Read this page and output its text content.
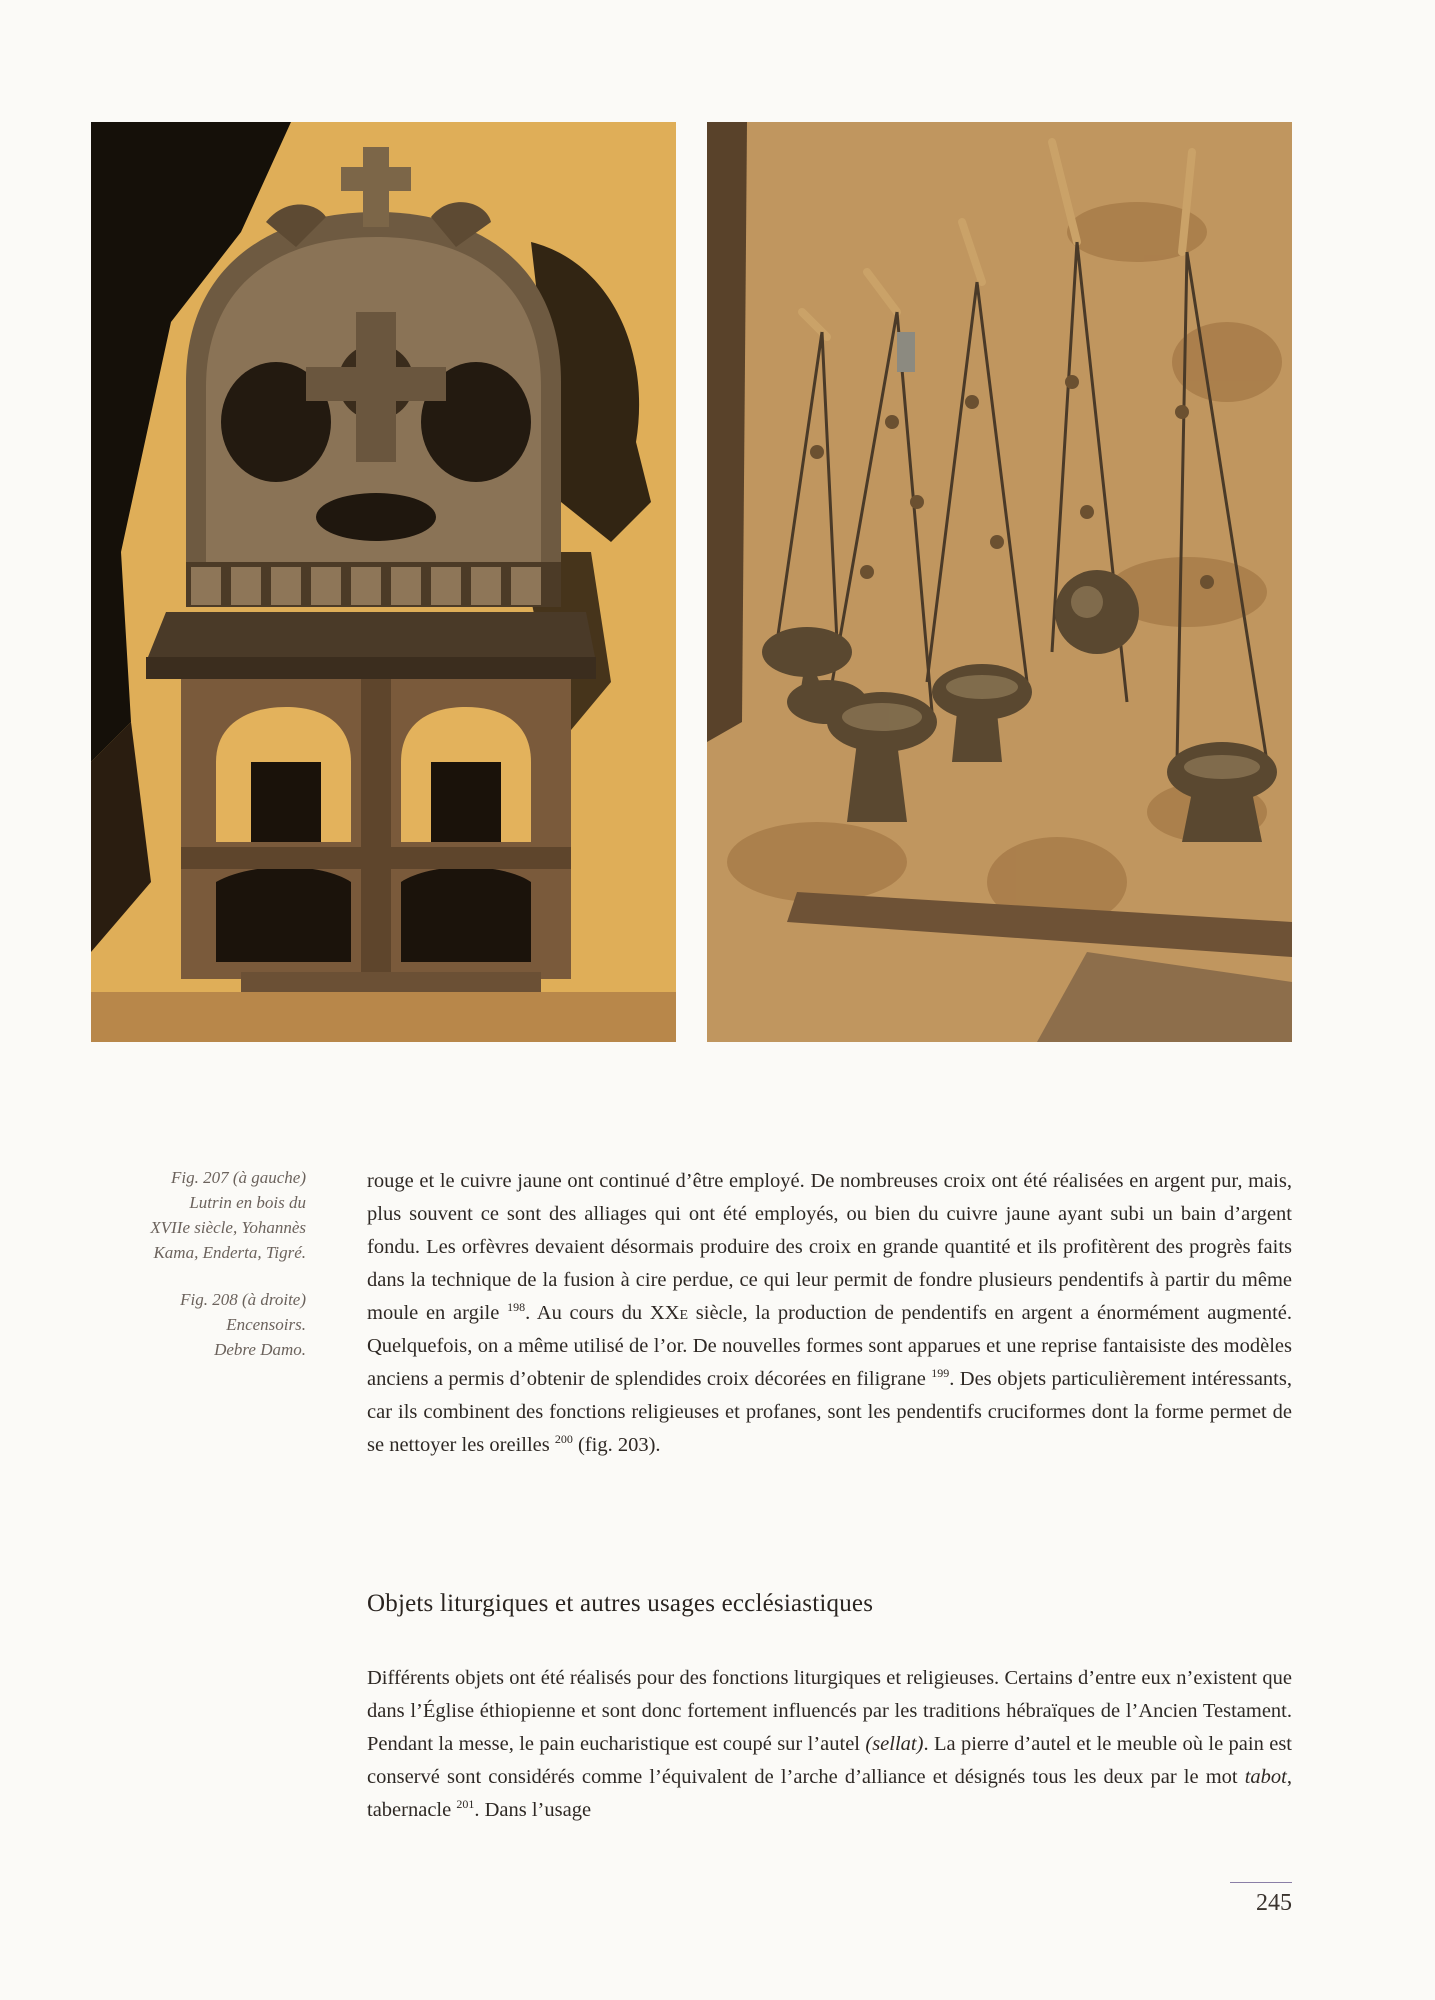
Fig. 207 (à gauche)
Lutrin en bois du
XVIIe siècle, Yohannès
Kama, Enderta, Tigré.
Fig. 208 (à droite)
Encensoirs.
Debre Damo.
rouge et le cuivre jaune ont continué d’être employé. De nombreuses croix ont été réalisées en argent pur, mais, plus souvent ce sont des alliages qui ont été employés, ou bien du cuivre jaune ayant subi un bain d’argent fondu. Les orfèvres devaient désormais produire des croix en grande quantité et ils profitèrent des progrès faits dans la technique de la fusion à cire perdue, ce qui leur permit de fondre plusieurs pendentifs à partir du même moule en argile $^{198}$. Au cours du XXe siècle, la production de pendentifs en argent a énormément augmenté. Quelquefois, on a même utilisé de l’or. De nouvelles formes sont apparues et une reprise fantaisiste des modèles anciens a permis d’obtenir de splendides croix décorées en filigrane $^{199}$. Des objets particulièrement intéressants, car ils combinent des fonctions religieuses et profanes, sont les pendentifs cruciformes dont la forme permet de se nettoyer les oreilles $^{200}$ (fig. 203).
Objets liturgiques et autres usages ecclésiastiques
Différents objets ont été réalisés pour des fonctions liturgiques et religieuses. Certains d’entre eux n’existent que dans l’Église éthiopienne et sont donc fortement influencés par les traditions hébraïques de l’Ancien Testament. Pendant la messe, le pain eucharistique est coupé sur l’autel (sellat). La pierre d’autel et le meuble où le pain est conservé sont considérés comme l’équivalent de l’arche d’alliance et désignés tous les deux par le mot tabot, tabernacle $^{201}$. Dans l’usage
245
